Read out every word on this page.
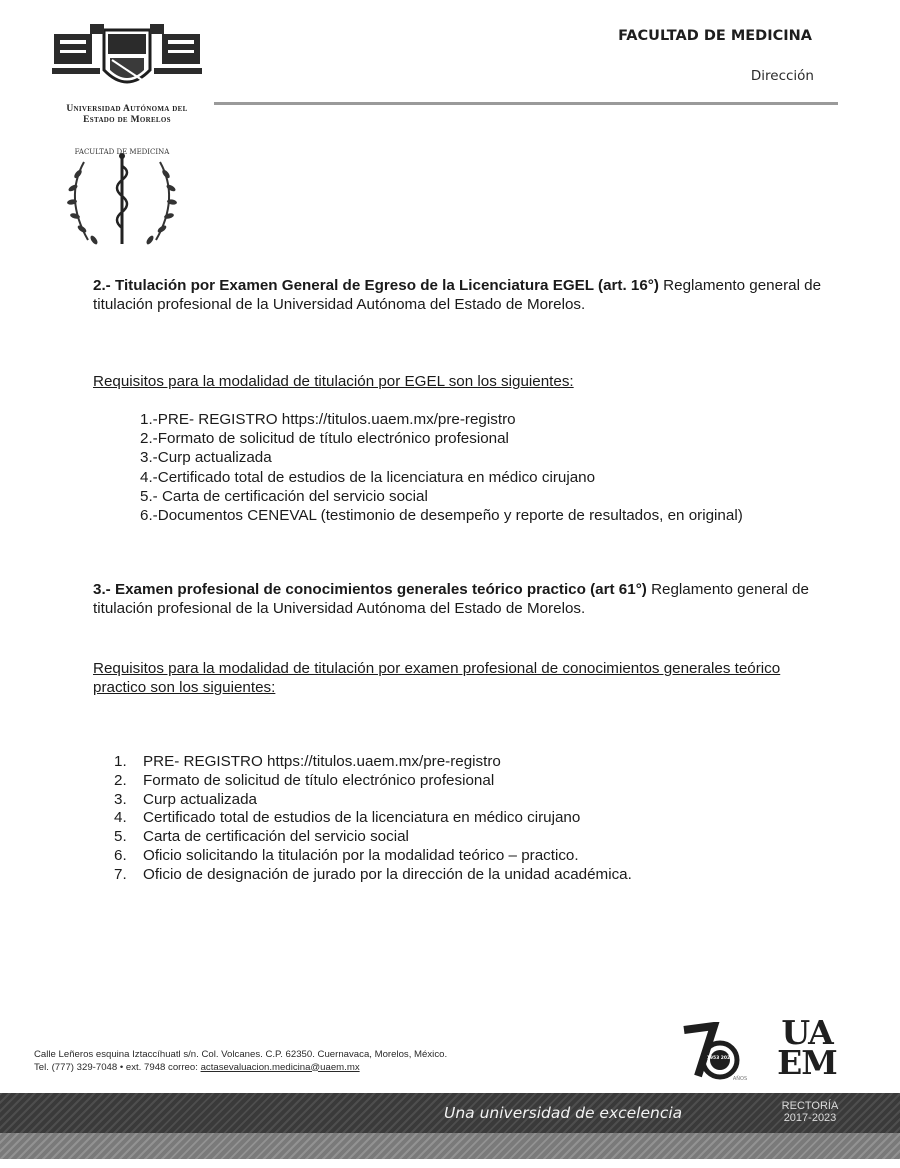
Universidad Autónoma del
Estado de Morelos
FACULTAD DE MEDICINA
Dirección
FACULTAD DE MEDICINA
2.- Titulación por Examen General de Egreso de la Licenciatura EGEL (art. 16°) Reglamento general de titulación profesional de la Universidad Autónoma del Estado de Morelos.
Requisitos para la modalidad de titulación por EGEL son los siguientes:
1.-PRE- REGISTRO https://titulos.uaem.mx/pre-registro
2.-Formato de solicitud de título electrónico profesional
3.-Curp actualizada
4.-Certificado total de estudios de la licenciatura en médico cirujano
5.- Carta de certificación del servicio social
6.-Documentos CENEVAL (testimonio de desempeño y reporte de resultados, en original)
3.- Examen profesional de conocimientos generales teórico practico (art 61°) Reglamento general de titulación profesional de la Universidad Autónoma del Estado de Morelos.
Requisitos para la modalidad de titulación por examen profesional de conocimientos generales teórico practico son los siguientes:
1.	PRE- REGISTRO https://titulos.uaem.mx/pre-registro
2.	Formato de solicitud de título electrónico profesional
3.	Curp actualizada
4.	Certificado total de estudios de la licenciatura en médico cirujano
5.	Carta de certificación del servicio social
6.	Oficio solicitando la titulación por la modalidad teórico – practico.
7.	Oficio de designación de jurado por la dirección de la unidad académica.
Calle Leñeros esquina Iztaccíhuatl s/n. Col. Volcanes. C.P. 62350. Cuernavaca, Morelos, México.
Tel. (777) 329-7048 • ext. 7948 correo: actasevaluacion.medicina@uaem.mx
1953 2023
AÑOS
UA
EM
Una universidad de excelencia	RECTORÍA
2017-2023
